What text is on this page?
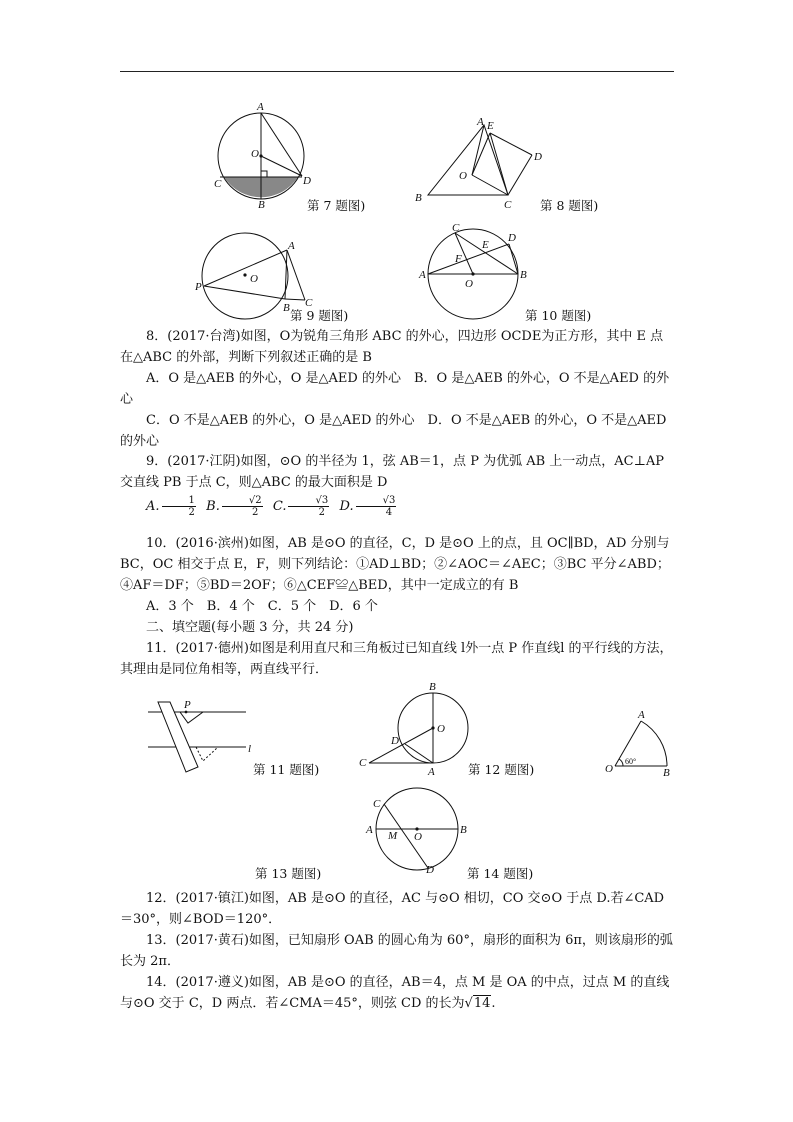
A
O
C	D
B	第 7 题图)
A E
D
O
B
C 第 8 题图)
A
O
P
B C
第 9 题图)
C
D
E
F
A	B
O
第 10 题图)

8．(2017·台湾)如图，O为锐角三角形 ABC 的外心，四边形 OCDE为正方形，其中 E 点在△ABC 的外部，判断下列叙述正确的是 B

A．O 是△AEB 的外心，O 是△AED 的外心　 B．O 是△AEB 的外心，O 不是△AED 的外心

C．O 不是△AEB 的外心，O 是△AED 的外心　 D．O 不是△AEB 的外心，O 不是△AED 的外心

9．(2017·江阴)如图，⊙O 的半径为 1，弦 AB＝1，点 P 为优弧 AB 上一动点，AC⊥AP 交直线 PB 于点 C，则△ABC 的最大面积是 D

A. $\frac{1}{2} B$. $\frac{√2}{2} C$. $\frac{√3}{2} D$. $\frac{√3}{4}$

10．(2016·滨州)如图，AB 是⊙O 的直径，C，D 是⊙O 上的点，且 OC∥BD，AD 分别与 BC，OC 相交于点 E，F，则下列结论：①AD⊥BD；②∠AOC＝∠AEC；③BC 平分∠ABD；④AF＝DF；⑤BD＝2OF；⑥△CEF≌△BED，其中一定成立的有 B

A．3 个　B．4 个　C．5 个　D．6 个

二、填空题(每小题 3 分，共 24 分)

11．(2017·德州)如图是利用直尺和三角板过已知直线 l外一点 P 作直线l 的平行线的方法，其理由是同位角相等，两直线平行．

P
l
第 11 题图)
B
O
D
C
A	第 12 题图)
A
O	B
60°
第 13 题图)
C
A M O
B
D	第 14 题图)

12．(2017·镇江)如图，AB 是⊙O 的直径，AC 与⊙O 相切，CO 交⊙O 于点 D.若∠CAD＝30°，则∠BOD＝120°．

13．(2017·黄石)如图，已知扇形 OAB 的圆心角为 60°，扇形的面积为 6π，则该扇形的弧长为 2π．

14．(2017·遵义)如图，AB 是⊙O 的直径，AB＝4，点 M 是 OA 的中点，过点 M 的直线与⊙O 交于 C，D 两点．若∠CMA＝45°，则弦 CD 的长为√14.
